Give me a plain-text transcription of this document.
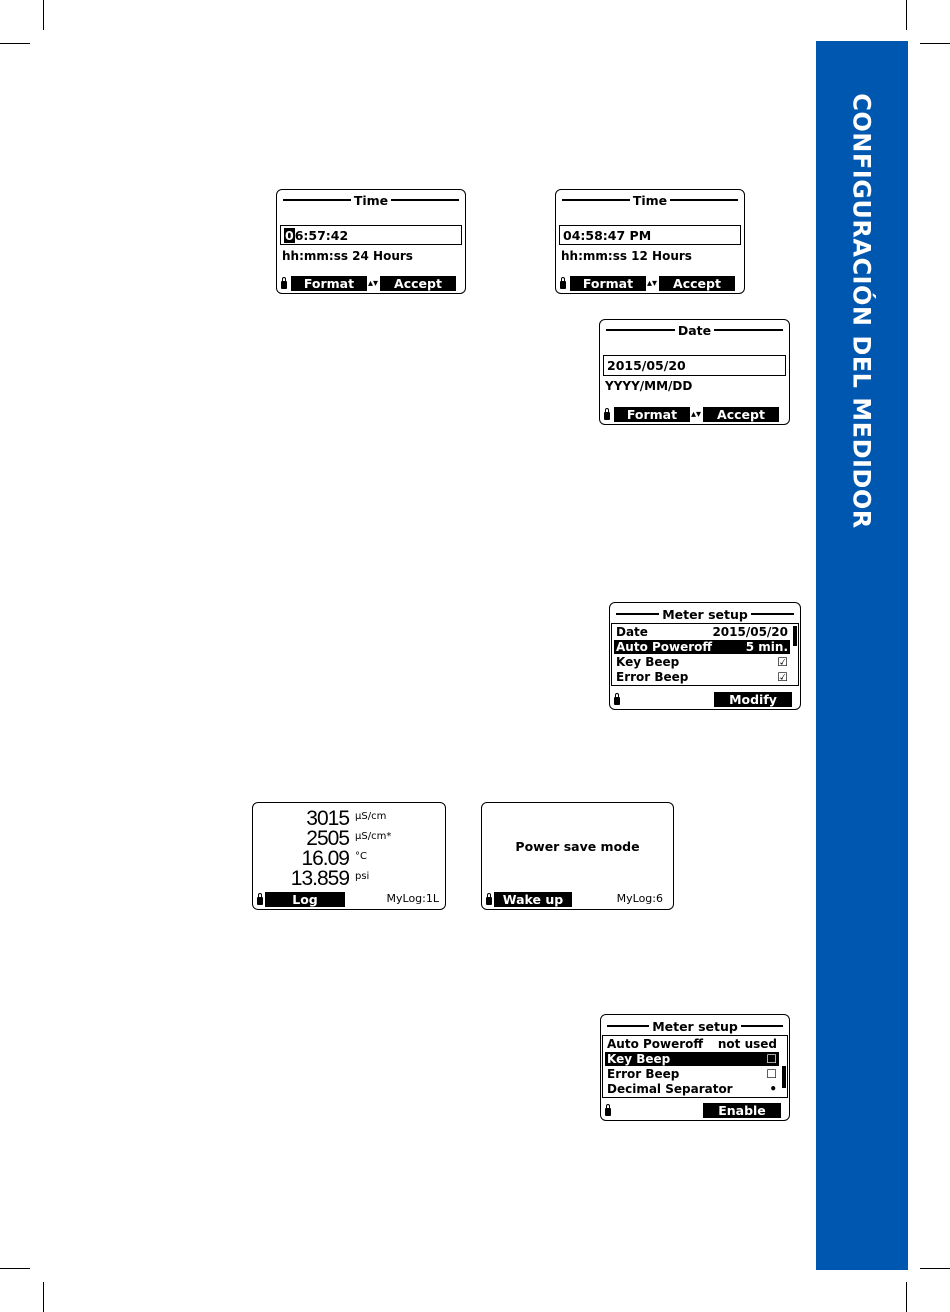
CONFIGURACIÓN DEL MEDIDOR
Time
0 6:57:42
hh:mm:ss 24 Hours
Format	▴▾	Accept
Time
04:58:47 PM
hh:mm:ss 12 Hours
Format	▴▾	Accept
Date
2015/05/20
YYYY/MM/DD
Format	▴▾	Accept
Meter setup
Date	2015/05/20
Auto Poweroff	5 min.
Key Beep	☑
Error Beep	☑
Modify
3015 µS/cm
2505 µS/cm*
16.09 °C
13.859 psi
Log	MyLog:1L
Power save mode
Wake up	MyLog:6
Meter setup
Auto Poweroff not used
Key Beep	☐
Error Beep	☐
Decimal Separator	•
Enable
